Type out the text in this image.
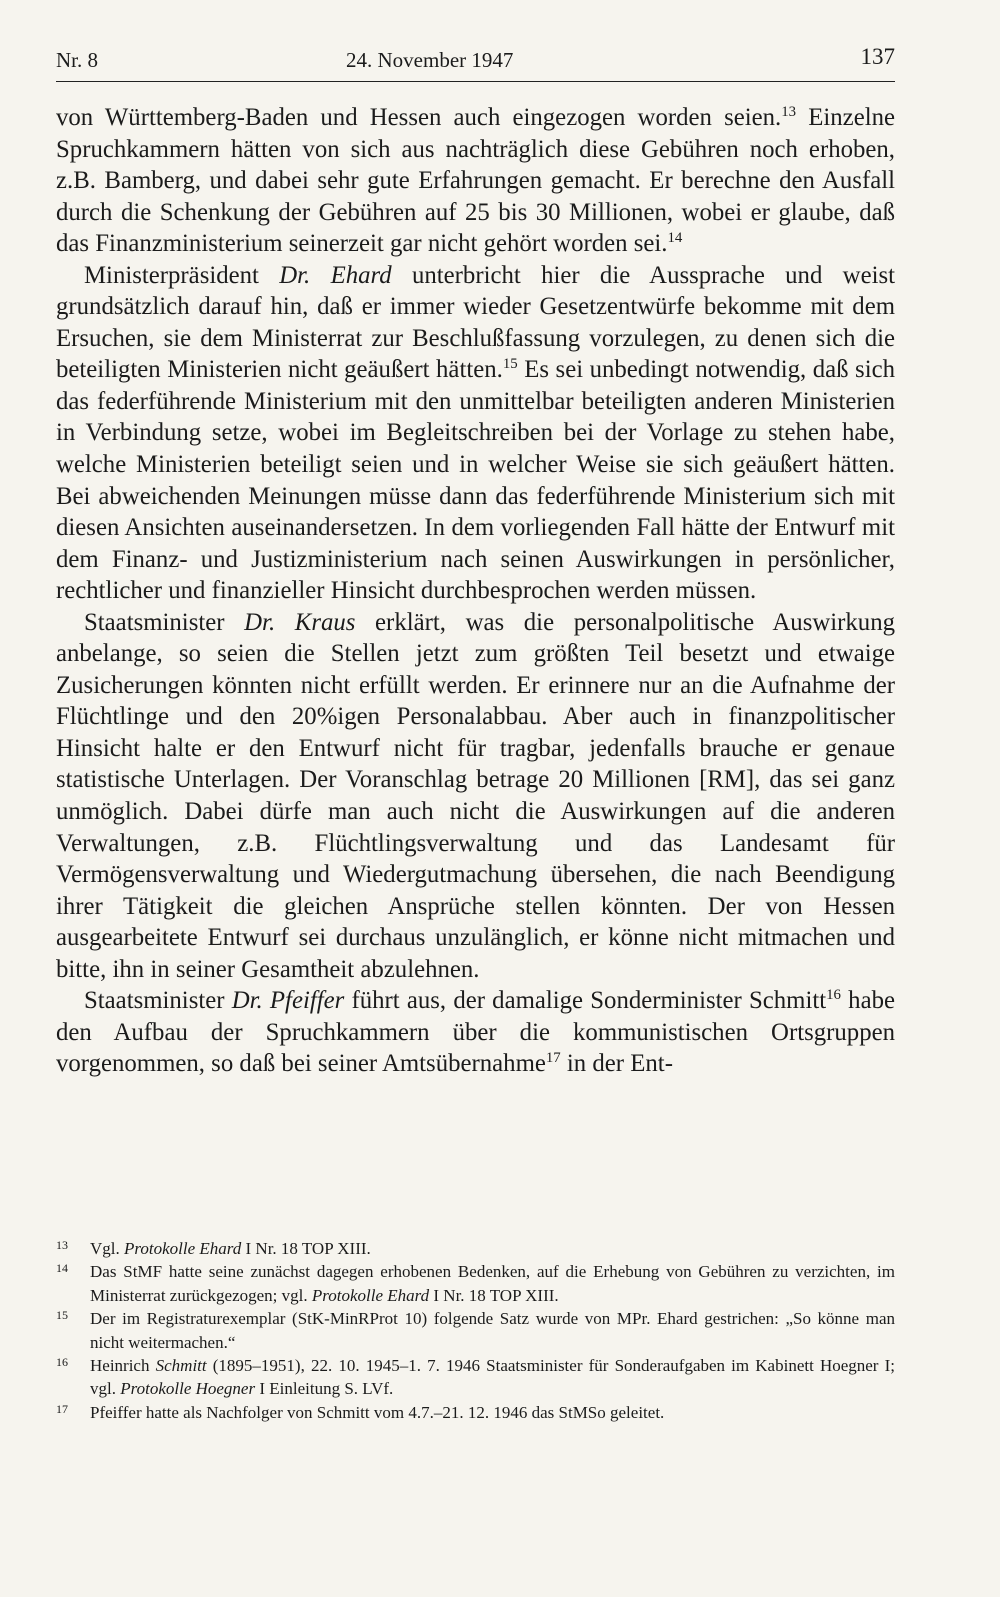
Nr. 8	24. November 1947	137

von Württemberg-Baden und Hessen auch eingezogen worden seien.$^{13}$ Einzelne Spruchkammern hätten von sich aus nachträglich diese Gebühren noch erhoben, z.B. Bamberg, und dabei sehr gute Erfahrungen gemacht. Er berechne den Ausfall durch die Schenkung der Gebühren auf 25 bis 30 Millionen, wobei er glaube, daß das Finanzministerium seinerzeit gar nicht gehört worden sei.$^{14}$

Ministerpräsident Dr. Ehard unterbricht hier die Aussprache und weist grundsätzlich darauf hin, daß er immer wieder Gesetzentwürfe bekomme mit dem Ersuchen, sie dem Ministerrat zur Beschlußfassung vorzulegen, zu denen sich die beteiligten Ministerien nicht geäußert hätten.$^{15}$ Es sei unbedingt notwendig, daß sich das federführende Ministerium mit den unmittelbar beteiligten anderen Ministerien in Verbindung setze, wobei im Begleitschreiben bei der Vorlage zu stehen habe, welche Ministerien beteiligt seien und in welcher Weise sie sich geäußert hätten. Bei abweichenden Meinungen müsse dann das federführende Ministerium sich mit diesen Ansichten auseinandersetzen. In dem vorliegenden Fall hätte der Entwurf mit dem Finanz- und Justizministerium nach seinen Auswirkungen in persönlicher, rechtlicher und finanzieller Hinsicht durchbesprochen werden müssen.

Staatsminister Dr. Kraus erklärt, was die personalpolitische Auswirkung anbelange, so seien die Stellen jetzt zum größten Teil besetzt und etwaige Zusicherungen könnten nicht erfüllt werden. Er erinnere nur an die Aufnahme der Flüchtlinge und den 20%igen Personalabbau. Aber auch in finanzpolitischer Hinsicht halte er den Entwurf nicht für tragbar, jedenfalls brauche er genaue statistische Unterlagen. Der Voranschlag betrage 20 Millionen [RM], das sei ganz unmöglich. Dabei dürfe man auch nicht die Auswirkungen auf die anderen Verwaltungen, z.B. Flüchtlingsverwaltung und das Landesamt für Vermögensverwaltung und Wiedergutmachung übersehen, die nach Beendigung ihrer Tätigkeit die gleichen Ansprüche stellen könnten. Der von Hessen ausgearbeitete Entwurf sei durchaus unzulänglich, er könne nicht mitmachen und bitte, ihn in seiner Gesamtheit abzulehnen.

Staatsminister Dr. Pfeiffer führt aus, der damalige Sonderminister Schmitt$^{16}$ habe den Aufbau der Spruchkammern über die kommunistischen Ortsgruppen vorgenommen, so daß bei seiner Amtsübernahme$^{17}$ in der Ent-

13	Vgl. Protokolle Ehard I Nr. 18 TOP XIII.
14	Das StMF hatte seine zunächst dagegen erhobenen Bedenken, auf die Erhebung von Gebühren zu verzichten, im Ministerrat zurückgezogen; vgl. Protokolle Ehard I Nr. 18 TOP XIII.
15	Der im Registraturexemplar (StK-MinRProt 10) folgende Satz wurde von MPr. Ehard gestrichen: „So könne man nicht weitermachen.“
16	Heinrich Schmitt (1895–1951), 22. 10. 1945–1. 7. 1946 Staatsminister für Sonderaufgaben im Kabinett Hoegner I; vgl. Protokolle Hoegner I Einleitung S. LVf.
17	Pfeiffer hatte als Nachfolger von Schmitt vom 4.7.–21. 12. 1946 das StMSo geleitet.
